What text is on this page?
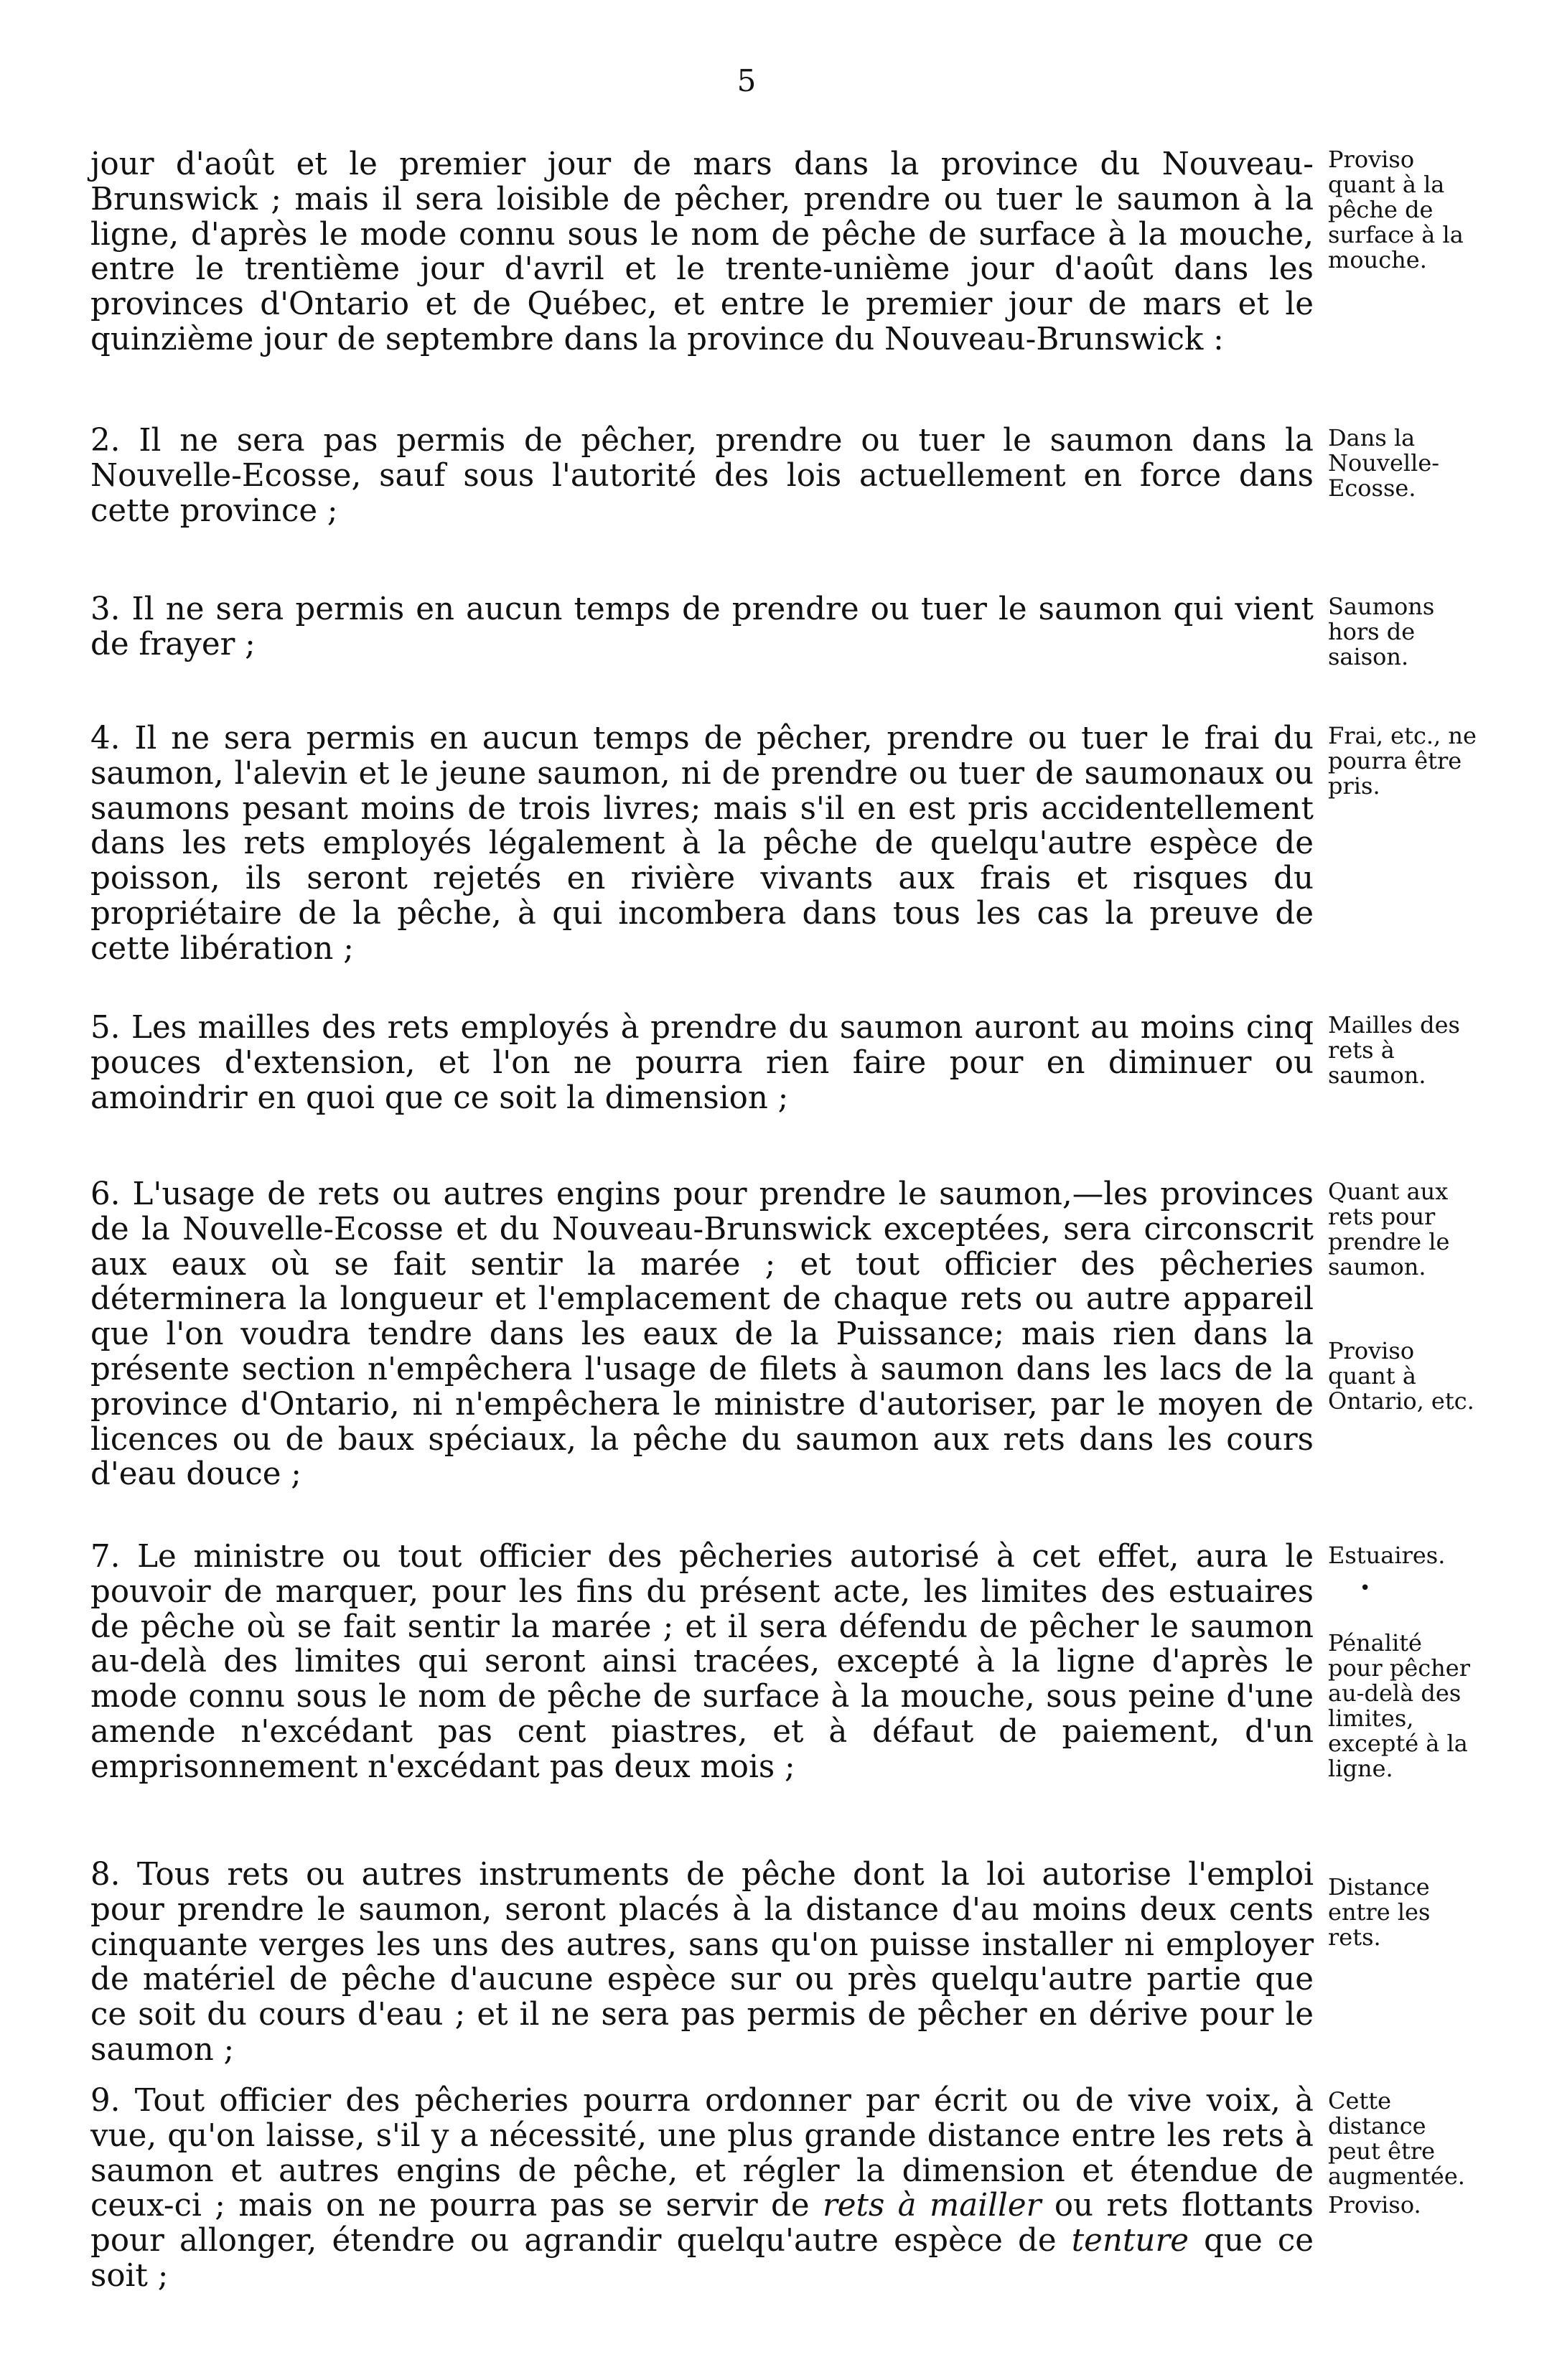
5

jour d'août et le premier jour de mars dans la province du Nouveau-Brunswick ; mais il sera loisible de pêcher, prendre ou tuer le saumon à la ligne, d'après le mode connu sous le nom de pêche de surface à la mouche, entre le trentième jour d'avril et le trente-unième jour d'août dans les provinces d'Ontario et de Québec, et entre le premier jour de mars et le quinzième jour de septembre dans la province du Nouveau-Brunswick :

Proviso quant à la pêche de surface à la mouche.

2. Il ne sera pas permis de pêcher, prendre ou tuer le saumon dans la Nouvelle-Ecosse, sauf sous l'autorité des lois actuellement en force dans cette province ;

Dans la Nouvelle-Ecosse.

3. Il ne sera permis en aucun temps de prendre ou tuer le saumon qui vient de frayer ;

Saumons hors de saison.

4. Il ne sera permis en aucun temps de pêcher, prendre ou tuer le frai du saumon, l'alevin et le jeune saumon, ni de prendre ou tuer de saumonaux ou saumons pesant moins de trois livres; mais s'il en est pris accidentellement dans les rets employés légalement à la pêche de quelqu'autre espèce de poisson, ils seront rejetés en rivière vivants aux frais et risques du propriétaire de la pêche, à qui incombera dans tous les cas la preuve de cette libération ;

Frai, etc., ne pourra être pris.

5. Les mailles des rets employés à prendre du saumon auront au moins cinq pouces d'extension, et l'on ne pourra rien faire pour en diminuer ou amoindrir en quoi que ce soit la dimension ;

Mailles des rets à saumon.

6. L'usage de rets ou autres engins pour prendre le saumon,—les provinces de la Nouvelle-Ecosse et du Nouveau-Brunswick exceptées, sera circonscrit aux eaux où se fait sentir la marée ; et tout officier des pêcheries déterminera la longueur et l'emplacement de chaque rets ou autre appareil que l'on voudra tendre dans les eaux de la Puissance; mais rien dans la présente section n'empêchera l'usage de filets à saumon dans les lacs de la province d'Ontario, ni n'empêchera le ministre d'autoriser, par le moyen de licences ou de baux spéciaux, la pêche du saumon aux rets dans les cours d'eau douce ;

Quant aux rets pour prendre le saumon.
Proviso quant à Ontario, etc.

7. Le ministre ou tout officier des pêcheries autorisé à cet effet, aura le pouvoir de marquer, pour les fins du présent acte, les limites des estuaires de pêche où se fait sentir la marée ; et il sera défendu de pêcher le saumon au-delà des limites qui seront ainsi tracées, excepté à la ligne d'après le mode connu sous le nom de pêche de surface à la mouche, sous peine d'une amende n'excédant pas cent piastres, et à défaut de paiement, d'un emprisonnement n'excédant pas deux mois ;

Estuaires.
•
Pénalité pour pêcher au-delà des limites, excepté à la ligne.

8. Tous rets ou autres instruments de pêche dont la loi autorise l'emploi pour prendre le saumon, seront placés à la distance d'au moins deux cents cinquante verges les uns des autres, sans qu'on puisse installer ni employer de matériel de pêche d'aucune espèce sur ou près quelqu'autre partie que ce soit du cours d'eau ; et il ne sera pas permis de pêcher en dérive pour le saumon ;

Distance entre les rets.

9. Tout officier des pêcheries pourra ordonner par écrit ou de vive voix, à vue, qu'on laisse, s'il y a nécessité, une plus grande distance entre les rets à saumon et autres engins de pêche, et régler la dimension et étendue de ceux-ci ; mais on ne pourra pas se servir de rets à mailler ou rets flottants pour allonger, étendre ou agrandir quelqu'autre espèce de tenture que ce soit ;

Cette distance peut être augmentée.
Proviso.
